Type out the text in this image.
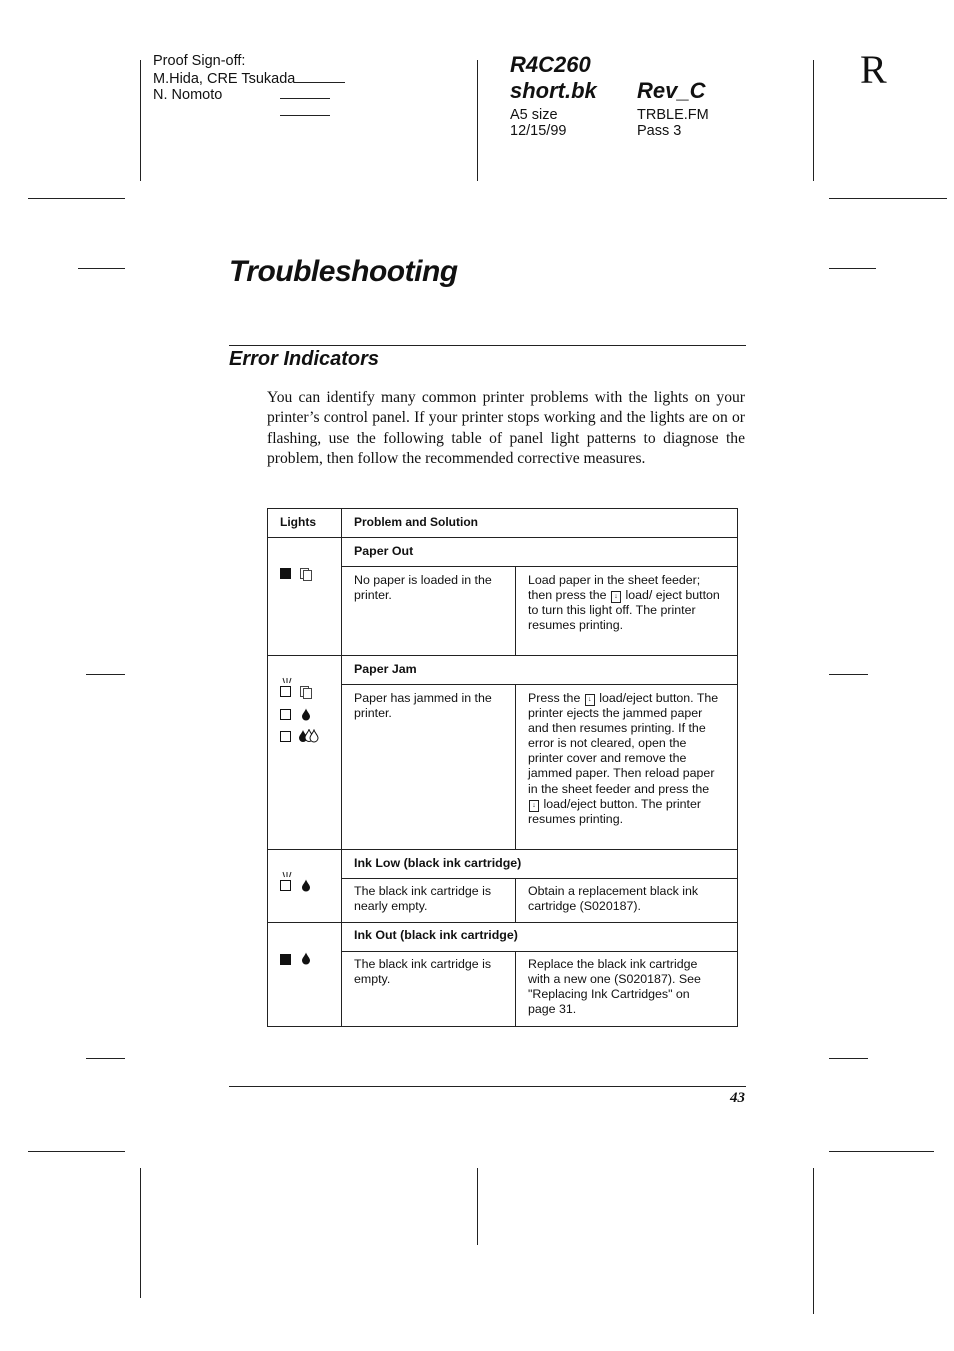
Proof Sign-off:
M.Hida, CRE Tsukada
N. Nomoto
R4C260
short.bk Rev_C
A5 size
12/15/99
TRBLE.FM
Pass 3
R
Troubleshooting
Error Indicators
You can identify many common printer problems with the lights on your printer’s control panel. If your printer stops working and the lights are on or flashing, use the following table of panel light patterns to diagnose the problem, then follow the recommended corrective measures.
Lights	Problem and Solution
Paper Out
No paper is loaded in the printer.
Load paper in the sheet feeder; then press the ↓ load/ eject button to turn this light off. The printer resumes printing.
Paper Jam
Paper has jammed in the printer.
Press the ↓ load/eject button. The printer ejects the jammed paper and then resumes printing. If the error is not cleared, open the printer cover and remove the jammed paper. Then reload paper in the sheet feeder and press the ↓ load/eject button. The printer resumes printing.
Ink Low (black ink cartridge)
The black ink cartridge is nearly empty.
Obtain a replacement black ink cartridge (S020187).
Ink Out (black ink cartridge)
The black ink cartridge is empty.
Replace the black ink cartridge with a new one (S020187). See "Replacing Ink Cartridges" on page 31.
43
